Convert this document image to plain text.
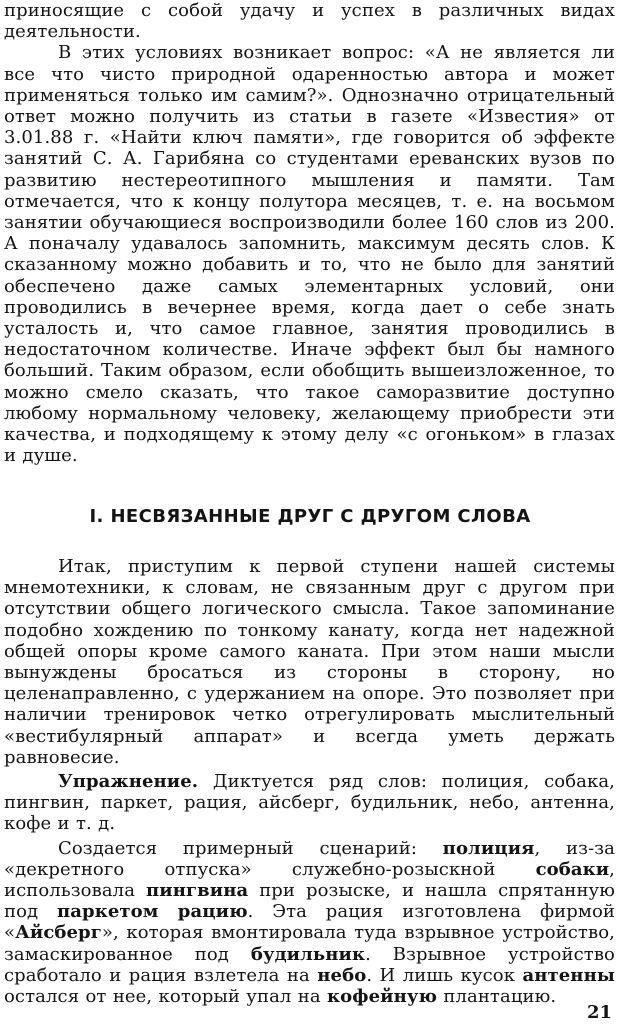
приносящие с собой удачу и успех в различных видах деятельности.

В этих условиях возникает вопрос: «А не является ли все что чисто природной одаренностью автора и может применяться только им самим?». Однозначно отрицательный ответ можно получить из статьи в газете «Известия» от 3.01.88 г. «Найти ключ памяти», где говорится об эффекте занятий С. А. Гарибяна со студентами ереванских вузов по развитию нестереотипного мышления и памяти. Там отмечается, что к концу полутора месяцев, т. е. на восьмом занятии обучающиеся воспроизводили более 160 слов из 200. А поначалу удавалось запомнить, максимум десять слов. К сказанному можно добавить и то, что не было для занятий обеспечено даже самых элементарных условий, они проводились в вечернее время, когда дает о себе знать усталость и, что самое главное, занятия проводились в недостаточном количестве. Иначе эффект был бы намного больший. Таким образом, если обобщить вышеизложенное, то можно смело сказать, что такое саморазвитие доступно любому нормальному человеку, желающему приобрести эти качества, и подходящему к этому делу «с огоньком» в глазах и душе.

I. НЕСВЯЗАННЫЕ ДРУГ С ДРУГОМ СЛОВА

Итак, приступим к первой ступени нашей системы мнемотехники, к словам, не связанным друг с другом при отсутствии общего логического смысла. Такое запоминание подобно хождению по тонкому канату, когда нет надежной общей опоры кроме самого каната. При этом наши мысли вынуждены бросаться из стороны в сторону, но целенаправленно, с удержанием на опоре. Это позволяет при наличии тренировок четко отрегулировать мыслительный «вестибулярный аппарат» и всегда уметь держать равновесие.

Упражнение. Диктуется ряд слов: полиция, собака, пингвин, паркет, рация, айсберг, будильник, небо, антенна, кофе и т. д.

Создается примерный сценарий: полиция, из-за «декретного отпуска» служебно-розыскной собаки, использовала пингвина при розыске, и нашла спрятанную под паркетом рацию. Эта рация изготовлена фирмой «Айсберг», которая вмонтировала туда взрывное устройство, замаскированное под будильник. Взрывное устройство сработало и рация взлетела на небо. И лишь кусок антенны остался от нее, который упал на кофейную плантацию.

21
